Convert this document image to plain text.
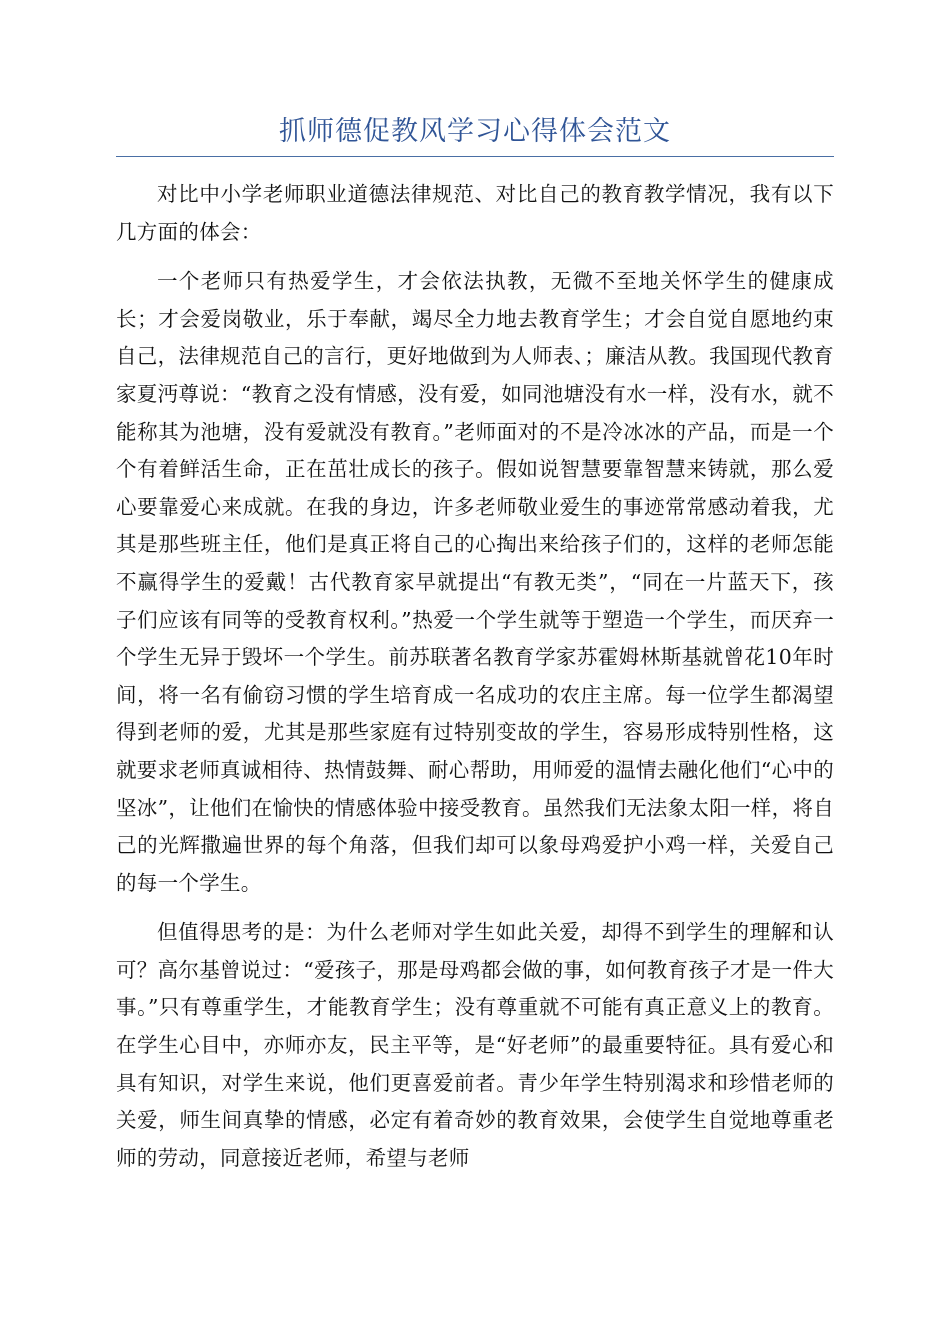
抓师德促教风学习心得体会范文

对比中小学老师职业道德法律规范、对比自己的教育教学情况，我有以下几方面的体会：

一个老师只有热爱学生，才会依法执教，无微不至地关怀学生的健康成长；才会爱岗敬业，乐于奉献，竭尽全力地去教育学生；才会自觉自愿地约束自己，法律规范自己的言行，更好地做到为人师表、；廉洁从教。我国现代教育家夏沔尊说：“教育之没有情感，没有爱，如同池塘没有水一样，没有水，就不能称其为池塘，没有爱就没有教育。”老师面对的不是冷冰冰的产品，而是一个个有着鲜活生命，正在茁壮成长的孩子。假如说智慧要靠智慧来铸就，那么爱心要靠爱心来成就。在我的身边，许多老师敬业爱生的事迹常常感动着我，尤其是那些班主任，他们是真正将自己的心掏出来给孩子们的，这样的老师怎能不赢得学生的爱戴！古代教育家早就提出“有教无类”，“同在一片蓝天下，孩子们应该有同等的受教育权利。”热爱一个学生就等于塑造一个学生，而厌弃一个学生无异于毁坏一个学生。前苏联著名教育学家苏霍姆林斯基就曾花10年时间，将一名有偷窃习惯的学生培育成一名成功的农庄主席。每一位学生都渴望得到老师的爱，尤其是那些家庭有过特别变故的学生，容易形成特别性格，这就要求老师真诚相待、热情鼓舞、耐心帮助，用师爱的温情去融化他们“心中的坚冰”，让他们在愉快的情感体验中接受教育。虽然我们无法象太阳一样，将自己的光辉撒遍世界的每个角落，但我们却可以象母鸡爱护小鸡一样，关爱自己的每一个学生。

但值得思考的是：为什么老师对学生如此关爱，却得不到学生的理解和认可？高尔基曾说过：“爱孩子，那是母鸡都会做的事，如何教育孩子才是一件大事。”只有尊重学生，才能教育学生；没有尊重就不可能有真正意义上的教育。在学生心目中，亦师亦友，民主平等，是“好老师”的最重要特征。具有爱心和具有知识，对学生来说，他们更喜爱前者。青少年学生特别渴求和珍惜老师的关爱，师生间真挚的情感，必定有着奇妙的教育效果，会使学生自觉地尊重老师的劳动，同意接近老师，希望与老师
